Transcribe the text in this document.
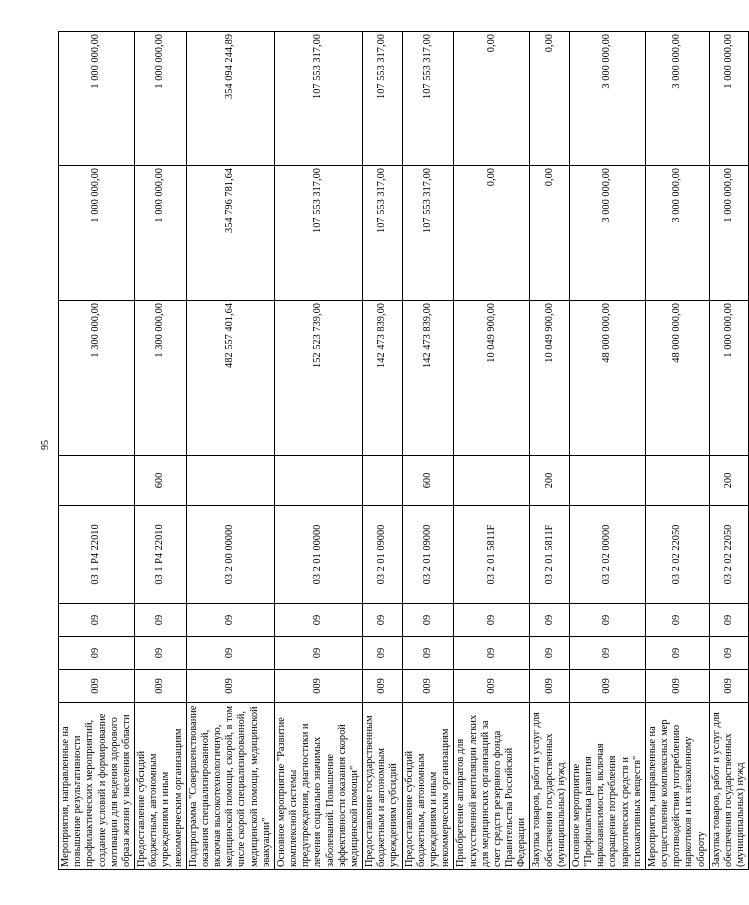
95
Мероприятия, направленные на повышение результативности профилактических мероприятий, создание условий и формирование мотивации для ведения здорового образа жизни у населения области	009	09	09	03 1 Р4 22010		1 300 000,00	1 000 000,00	1 000 000,00
Предоставление субсидий бюджетным, автономным учреждениям и иным некоммерческим организациям	009	09	09	03 1 Р4 22010	600	1 300 000,00	1 000 000,00	1 000 000,00
Подпрограмма "Совершенствование оказания специализированной, включая высокотехнологичную, медицинской помощи, скорой, в том числе скорой специализированной, медицинской помощи, медицинской эвакуации"	009	09	09	03 2 00 00000		482 557 401,64	354 796 781,64	354 094 244,89
Основное мероприятие "Развитие комплексной системы предупреждения, диагностики и лечения социально значимых заболеваний. Повышение эффективности оказания скорой медицинской помощи"	009	09	09	03 2 01 00000		152 523 739,00	107 553 317,00	107 553 317,00
Предоставление государственным бюджетным и автономным учреждениям субсидий	009	09	09	03 2 01 09000		142 473 839,00	107 553 317,00	107 553 317,00
Предоставление субсидий бюджетным, автономным учреждениям и иным некоммерческим организациям	009	09	09	03 2 01 09000	600	142 473 839,00	107 553 317,00	107 553 317,00
Приобретение аппаратов для искусственной вентиляции легких для медицинских организаций за счет средств резервного фонда Правительства Российской Федерации	009	09	09	03 2 01 5811F		10 049 900,00	0,00	0,00
Закупка товаров, работ и услуг для обеспечения государственных (муниципальных) нужд	009	09	09	03 2 01 5811F	200	10 049 900,00	0,00	0,00
Основное мероприятие "Профилактика развития наркозависимости, включая сокращение потребления наркотических средств и психоактивных веществ"	009	09	09	03 2 02 00000		48 000 000,00	3 000 000,00	3 000 000,00
Мероприятия, направленные на осуществление комплексных мер противодействия употреблению наркотиков и их незаконному обороту	009	09	09	03 2 02 22050		48 000 000,00	3 000 000,00	3 000 000,00
Закупка товаров, работ и услуг для обеспечения государственных (муниципальных) нужд	009	09	09	03 2 02 22050	200	1 000 000,00	1 000 000,00	1 000 000,00
